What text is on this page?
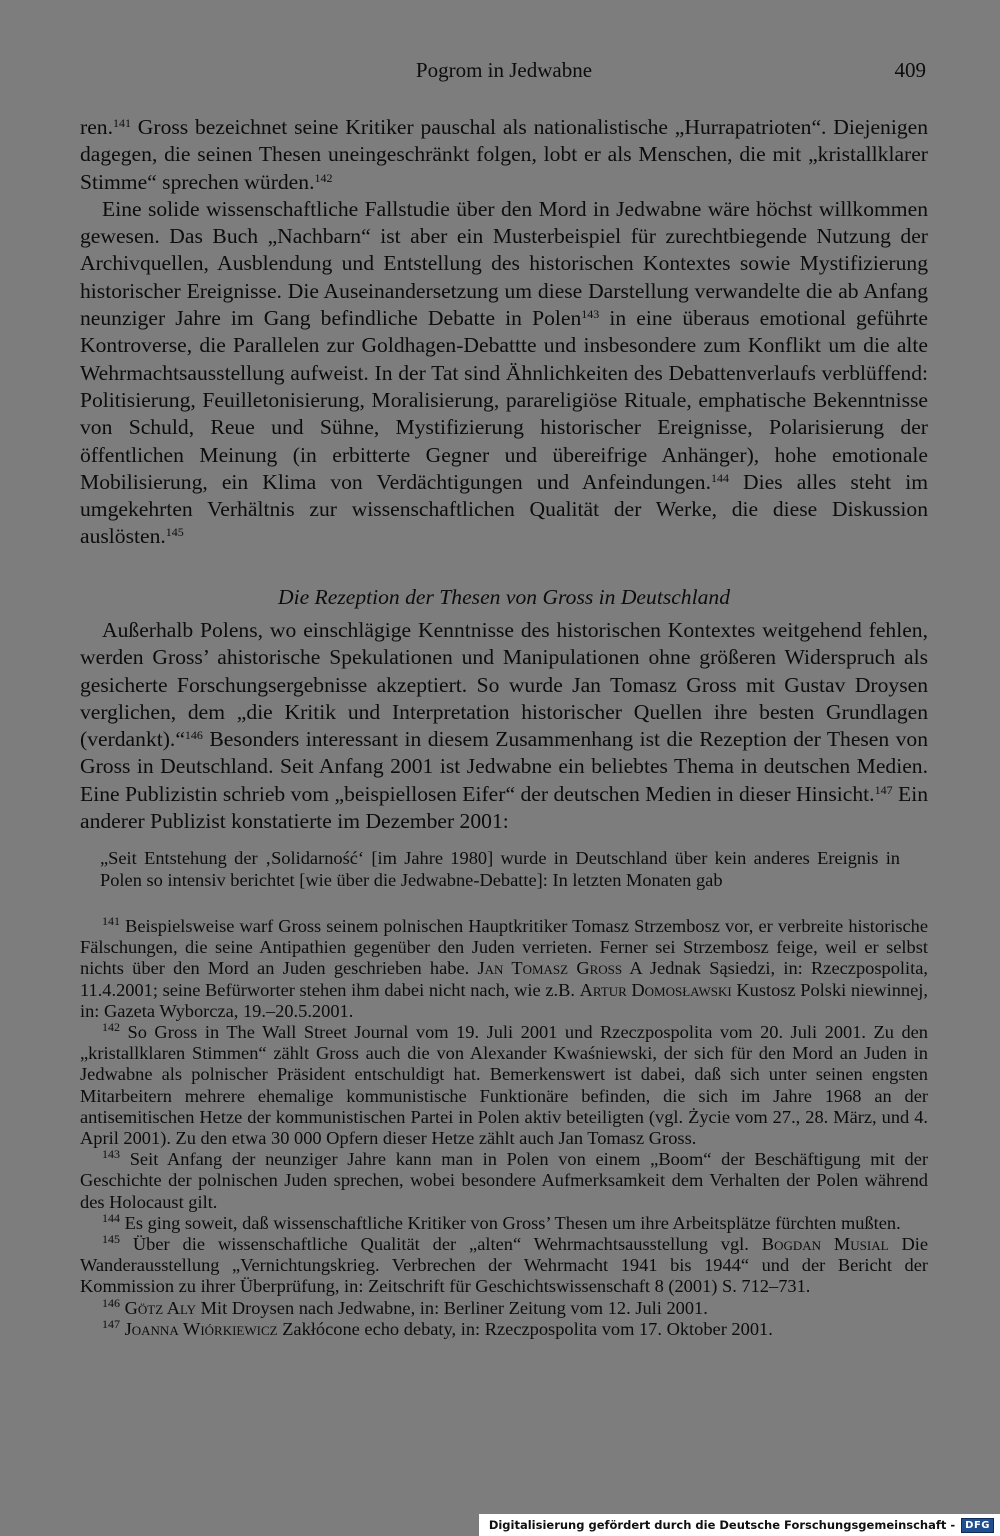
Pogrom in Jedwabne	409

ren.$^{141}$ Gross bezeichnet seine Kritiker pauschal als nationalistische „Hurrapatrioten“. Diejenigen dagegen, die seinen Thesen uneingeschränkt folgen, lobt er als Menschen, die mit „kristallklarer Stimme“ sprechen würden.$^{142}$

Eine solide wissenschaftliche Fallstudie über den Mord in Jedwabne wäre höchst willkommen gewesen. Das Buch „Nachbarn“ ist aber ein Musterbeispiel für zurechtbiegende Nutzung der Archivquellen, Ausblendung und Entstellung des historischen Kontextes sowie Mystifizierung historischer Ereignisse. Die Auseinandersetzung um diese Darstellung verwandelte die ab Anfang neunziger Jahre im Gang befindliche Debatte in Polen$^{143}$ in eine überaus emotional geführte Kontroverse, die Parallelen zur Goldhagen-Debattte und insbesondere zum Konflikt um die alte Wehrmachtsausstellung aufweist. In der Tat sind Ähnlichkeiten des Debattenverlaufs verblüffend: Politisierung, Feuilletonisierung, Moralisierung, parareligiöse Rituale, emphatische Bekenntnisse von Schuld, Reue und Sühne, Mystifizierung historischer Ereignisse, Polarisierung der öffentlichen Meinung (in erbitterte Gegner und übereifrige Anhänger), hohe emotionale Mobilisierung, ein Klima von Verdächtigungen und Anfeindungen.$^{144}$ Dies alles steht im umgekehrten Verhältnis zur wissenschaftlichen Qualität der Werke, die diese Diskussion auslösten.$^{145}$

Die Rezeption der Thesen von Gross in Deutschland

Außerhalb Polens, wo einschlägige Kenntnisse des historischen Kontextes weitgehend fehlen, werden Gross’ ahistorische Spekulationen und Manipulationen ohne größeren Widerspruch als gesicherte Forschungsergebnisse akzeptiert. So wurde Jan Tomasz Gross mit Gustav Droysen verglichen, dem „die Kritik und Interpretation historischer Quellen ihre besten Grundlagen (verdankt).“$^{146}$ Besonders interessant in diesem Zusammenhang ist die Rezeption der Thesen von Gross in Deutschland. Seit Anfang 2001 ist Jedwabne ein beliebtes Thema in deutschen Medien. Eine Publizistin schrieb vom „beispiellosen Eifer“ der deutschen Medien in dieser Hinsicht.$^{147}$ Ein anderer Publizist konstatierte im Dezember 2001:

„Seit Entstehung der ‚Solidarność‘ [im Jahre 1980] wurde in Deutschland über kein anderes Ereignis in Polen so intensiv berichtet [wie über die Jedwabne-Debatte]: In letzten Monaten gab

$^{141}$ Beispielsweise warf Gross seinem polnischen Hauptkritiker Tomasz Strzembosz vor, er verbreite historische Fälschungen, die seine Antipathien gegenüber den Juden verrieten. Ferner sei Strzembosz feige, weil er selbst nichts über den Mord an Juden geschrieben habe. Jan Tomasz Gross A Jednak Sąsiedzi, in: Rzeczpospolita, 11.4.2001; seine Befürworter stehen ihm dabei nicht nach, wie z.B. Artur Domosławski Kustosz Polski niewinnej, in: Gazeta Wyborcza, 19.–20.5.2001.

$^{142}$ So Gross in The Wall Street Journal vom 19. Juli 2001 und Rzeczpospolita vom 20. Juli 2001. Zu den „kristallklaren Stimmen“ zählt Gross auch die von Alexander Kwaśniewski, der sich für den Mord an Juden in Jedwabne als polnischer Präsident entschuldigt hat. Bemerkenswert ist dabei, daß sich unter seinen engsten Mitarbeitern mehrere ehemalige kommunistische Funktionäre befinden, die sich im Jahre 1968 an der antisemitischen Hetze der kommunistischen Partei in Polen aktiv beteiligten (vgl. Życie vom 27., 28. März, und 4. April 2001). Zu den etwa 30 000 Opfern dieser Hetze zählt auch Jan Tomasz Gross.

$^{143}$ Seit Anfang der neunziger Jahre kann man in Polen von einem „Boom“ der Beschäftigung mit der Geschichte der polnischen Juden sprechen, wobei besondere Aufmerksamkeit dem Verhalten der Polen während des Holocaust gilt.

$^{144}$ Es ging soweit, daß wissenschaftliche Kritiker von Gross’ Thesen um ihre Arbeitsplätze fürchten mußten.

$^{145}$ Über die wissenschaftliche Qualität der „alten“ Wehrmachtsausstellung vgl. Bogdan Musial Die Wanderausstellung „Vernichtungskrieg. Verbrechen der Wehrmacht 1941 bis 1944“ und der Bericht der Kommission zu ihrer Überprüfung, in: Zeitschrift für Geschichtswissenschaft 8 (2001) S. 712–731.

$^{146}$ Götz Aly Mit Droysen nach Jedwabne, in: Berliner Zeitung vom 12. Juli 2001.

$^{147}$ Joanna Wiórkiewicz Zakłócone echo debaty, in: Rzeczpospolita vom 17. Oktober 2001.

Digitalisierung gefördert durch die Deutsche Forschungsgemeinschaft -	DFG
